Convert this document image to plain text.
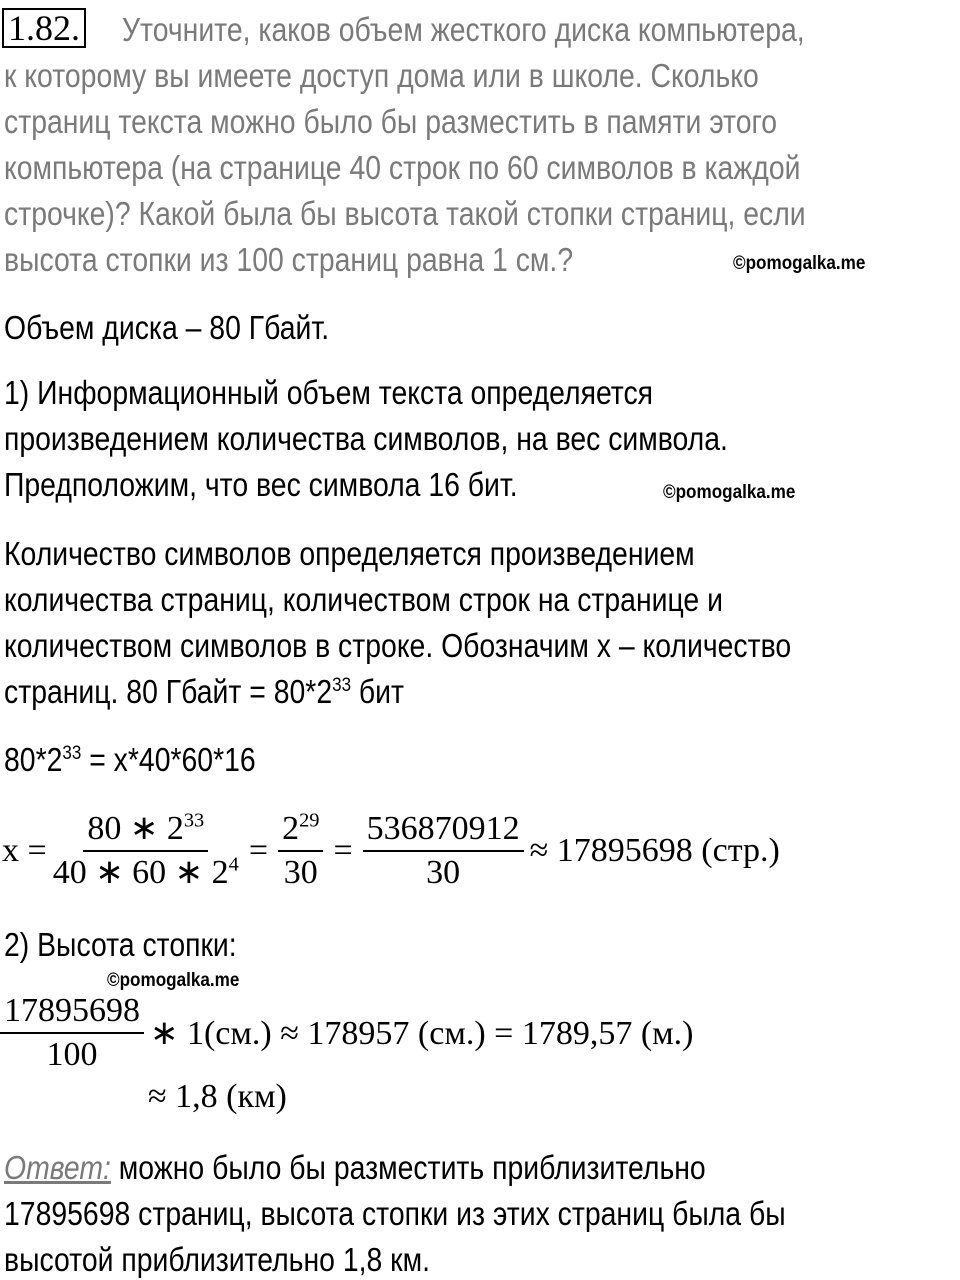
1.82. Уточните, каков объем жесткого диска компьютера,
к которому вы имеете доступ дома или в школе. Сколько
страниц текста можно было бы разместить в памяти этого
компьютера (на странице 40 строк по 60 символов в каждой
строчке)? Какой была бы высота такой стопки страниц, если
высота стопки из 100 страниц равна 1 см.?	©pomogalka.me
Объем диска – 80 Гбайт.
1) Информационный объем текста определяется
произведением количества символов, на вес символа.
Предположим, что вес символа 16 бит.	©pomogalka.me
Количество символов определяется произведением
количества страниц, количеством строк на странице и
количеством символов в строке. Обозначим x – количество
страниц. 80 Гбайт = $80*2^{33}$ бит
$80*2^{33} = x*40*60*16$
$x = \frac{80 ∗ 2^{33}}{40 ∗ 60 ∗ 2^4} = \frac{2^{29}}{30} = \frac{536870912}{30} \approx 17895698$ (стр.)
2) Высота стопки:
©pomogalka.me
$\frac{17895698}{100}$ ∗ 1(см.) ≈ 178957 (см.) = 1789,57 (м.)
≈ 1,8 (км)
Ответ: можно было бы разместить приблизительно
17895698 страниц, высота стопки из этих страниц была бы
высотой приблизительно 1,8 км.
